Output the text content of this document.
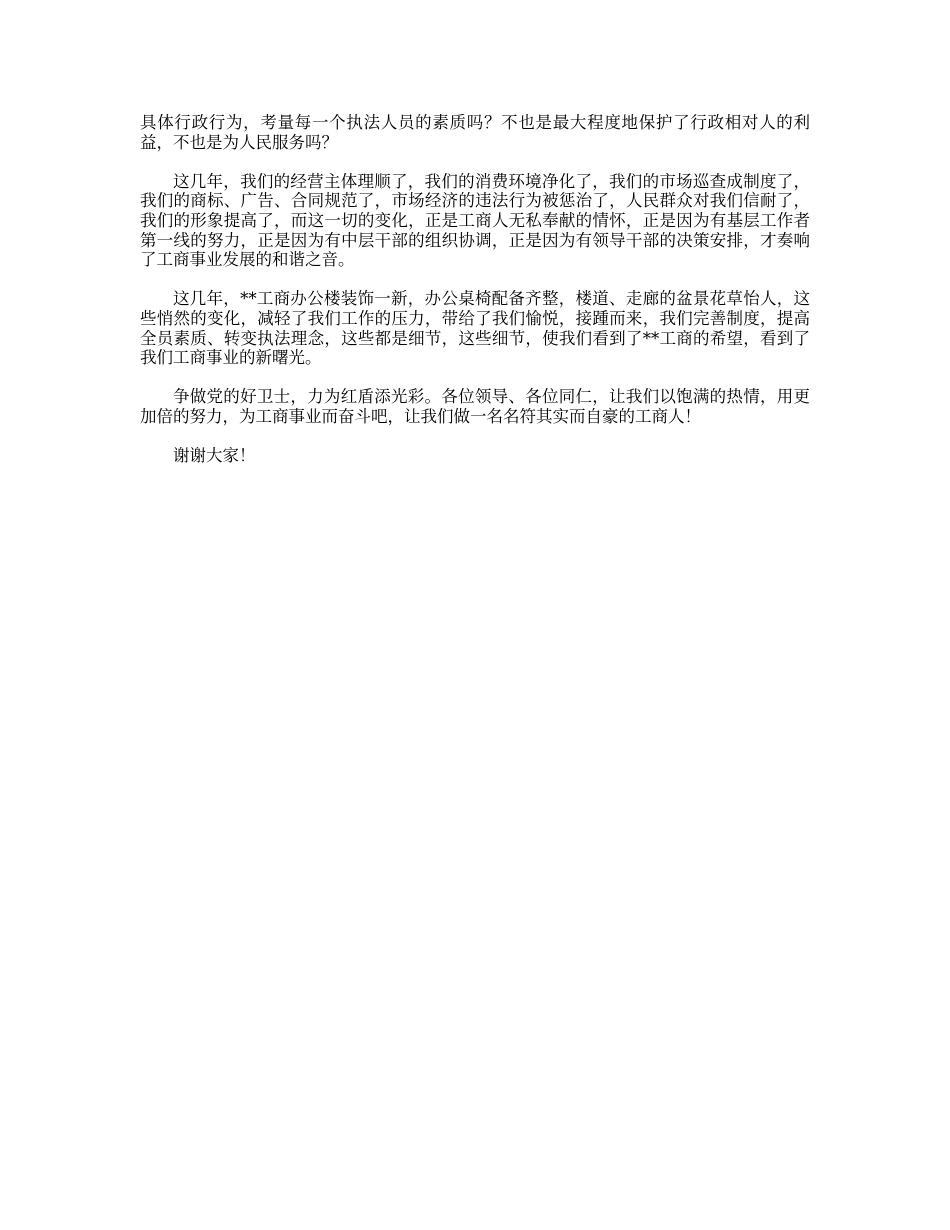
具体行政行为，考量每一个执法人员的素质吗？不也是最大程度地保护了行政相对人的利益，不也是为人民服务吗？

这几年，我们的经营主体理顺了，我们的消费环境净化了，我们的市场巡查成制度了，我们的商标、广告、合同规范了，市场经济的违法行为被惩治了，人民群众对我们信耐了，我们的形象提高了，而这一切的变化，正是工商人无私奉献的情怀，正是因为有基层工作者第一线的努力，正是因为有中层干部的组织协调，正是因为有领导干部的决策安排，才奏响了工商事业发展的和谐之音。

这几年，**工商办公楼装饰一新，办公桌椅配备齐整，楼道、走廊的盆景花草怡人，这些悄然的变化，减轻了我们工作的压力，带给了我们愉悦，接踵而来，我们完善制度，提高全员素质、转变执法理念，这些都是细节，这些细节，使我们看到了**工商的希望，看到了我们工商事业的新曙光。

争做党的好卫士，力为红盾添光彩。各位领导、各位同仁，让我们以饱满的热情，用更加倍的努力，为工商事业而奋斗吧，让我们做一名名符其实而自豪的工商人！

谢谢大家！
